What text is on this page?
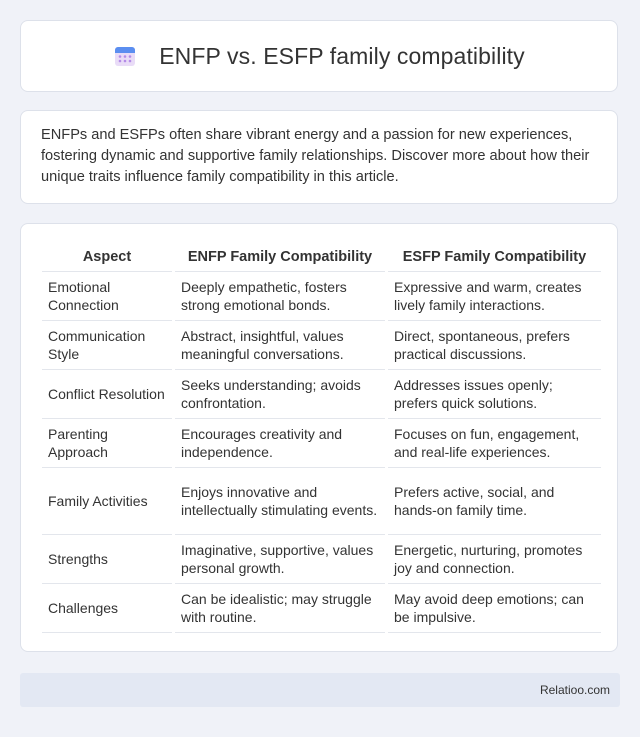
ENFP vs. ESFP family compatibility

ENFPs and ESFPs often share vibrant energy and a passion for new experiences, fostering dynamic and supportive family relationships. Discover more about how their unique traits influence family compatibility in this article.

Aspect	ENFP Family Compatibility	ESFP Family Compatibility
Emotional Connection	Deeply empathetic, fosters strong emotional bonds.	Expressive and warm, creates lively family interactions.
Communication Style	Abstract, insightful, values meaningful conversations.	Direct, spontaneous, prefers practical discussions.
Conflict Resolution	Seeks understanding; avoids confrontation.	Addresses issues openly; prefers quick solutions.
Parenting Approach	Encourages creativity and independence.	Focuses on fun, engagement, and real-life experiences.
Family Activities	Enjoys innovative and intellectually stimulating events.	Prefers active, social, and hands-on family time.
Strengths	Imaginative, supportive, values personal growth.	Energetic, nurturing, promotes joy and connection.
Challenges	Can be idealistic; may struggle with routine.	May avoid deep emotions; can be impulsive.
Relatioo.com
